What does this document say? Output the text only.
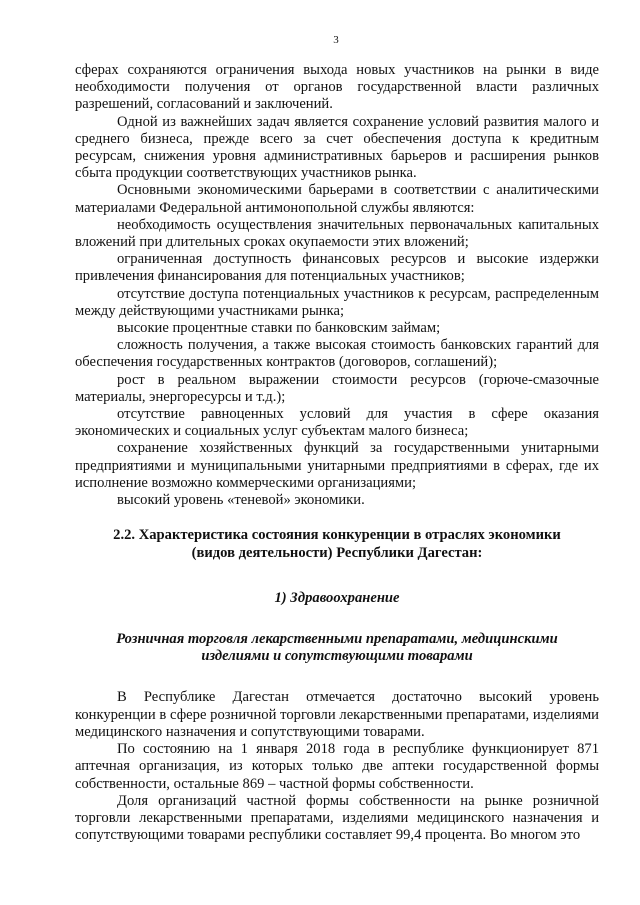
3

сферах сохраняются ограничения выхода новых участников на рынки в виде необходимости получения от органов государственной власти различных разрешений, согласований и заключений.

Одной из важнейших задач является сохранение условий развития малого и среднего бизнеса, прежде всего за счет обеспечения доступа к кредитным ресурсам, снижения уровня административных барьеров и расширения рынков сбыта продукции соответствующих участников рынка.

Основными экономическими барьерами в соответствии с аналитическими материалами Федеральной антимонопольной службы являются:

необходимость осуществления значительных первоначальных капитальных вложений при длительных сроках окупаемости этих вложений;

ограниченная доступность финансовых ресурсов и высокие издержки привлечения финансирования для потенциальных участников;

отсутствие доступа потенциальных участников к ресурсам, распределенным между действующими участниками рынка;

высокие процентные ставки по банковским займам;

сложность получения, а также высокая стоимость банковских гарантий для обеспечения государственных контрактов (договоров, соглашений);

рост в реальном выражении стоимости ресурсов (горюче-смазочные материалы, энергоресурсы и т.д.);

отсутствие равноценных условий для участия в сфере оказания экономических и социальных услуг субъектам малого бизнеса;

сохранение хозяйственных функций за государственными унитарными предприятиями и муниципальными унитарными предприятиями в сферах, где их исполнение возможно коммерческими организациями;

высокий уровень «теневой» экономики.

2.2. Характеристика состояния конкуренции в отраслях экономики
(видов деятельности) Республики Дагестан:
1) Здравоохранение
Розничная торговля лекарственными препаратами, медицинскими
изделиями и сопутствующими товарами

В Республике Дагестан отмечается достаточно высокий уровень конкуренции в сфере розничной торговли лекарственными препаратами, изделиями медицинского назначения и сопутствующими товарами.

По состоянию на 1 января 2018 года в республике функционирует 871 аптечная организация, из которых только две аптеки государственной формы собственности, остальные 869 – частной формы собственности.

Доля организаций частной формы собственности на рынке розничной торговли лекарственными препаратами, изделиями медицинского назначения и сопутствующими товарами республики составляет 99,4 процента. Во многом это
